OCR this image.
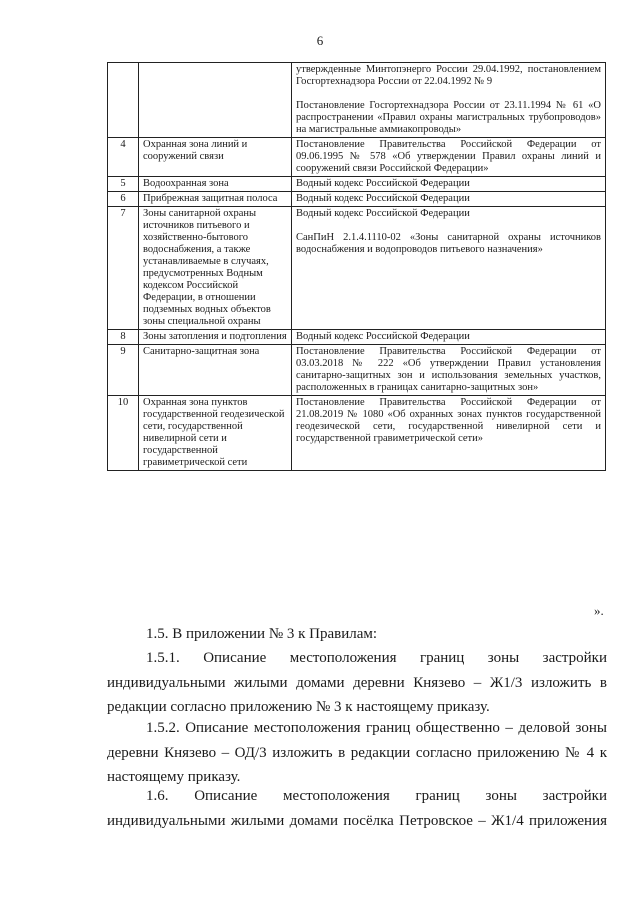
6

		утвержденные Минтопэнерго России 29.04.1992, постановлением Госгортехнадзора России от 22.04.1992 № 9
Постановление Госгортехнадзора России от 23.11.1994 № 61 «О распространении «Правил охраны магистральных трубопроводов» на магистральные аммиакопроводы»

4	Охранная зона линий и сооружений связи	Постановление Правительства Российской Федерации от 09.06.1995 № 578 «Об утверждении Правил охраны линий и сооружений связи Российской Федерации»

5	Водоохранная зона	Водный кодекс Российской Федерации

6	Прибрежная защитная полоса	Водный кодекс Российской Федерации

7	Зоны санитарной охраны источников питьевого и хозяйственно-бытового водоснабжения, а также устанавливаемые в случаях, предусмотренных Водным кодексом Российской Федерации, в отношении подземных водных объектов зоны специальной охраны	Водный кодекс Российской Федерации
СанПиН 2.1.4.1110-02 «Зоны санитарной охраны источников водоснабжения и водопроводов питьевого назначения»

8	Зоны затопления и подтопления	Водный кодекс Российской Федерации

9	Санитарно-защитная зона	Постановление Правительства Российской Федерации от 03.03.2018 № 222 «Об утверждении Правил установления санитарно-защитных зон и использования земельных участков, расположенных в границах санитарно-защитных зон»

10	Охранная зона пунктов государственной геодезической сети, государственной нивелирной сети и государственной гравиметрической сети	Постановление Правительства Российской Федерации от 21.08.2019 № 1080 «Об охранных зонах пунктов государственной геодезической сети, государственной нивелирной сети и государственной гравиметрической сети»
».
1.5. В приложении № 3 к Правилам:
1.5.1. Описание местоположения границ зоны застройки индивидуальными жилыми домами деревни Князево – Ж1/3 изложить в редакции согласно приложению № 3 к настоящему приказу.
1.5.2. Описание местоположения границ общественно – деловой зоны деревни Князево – ОД/3 изложить в редакции согласно приложению № 4 к настоящему приказу.
1.6. Описание местоположения границ зоны застройки индивидуальными жилыми домами посёлка Петровское – Ж1/4 приложения
